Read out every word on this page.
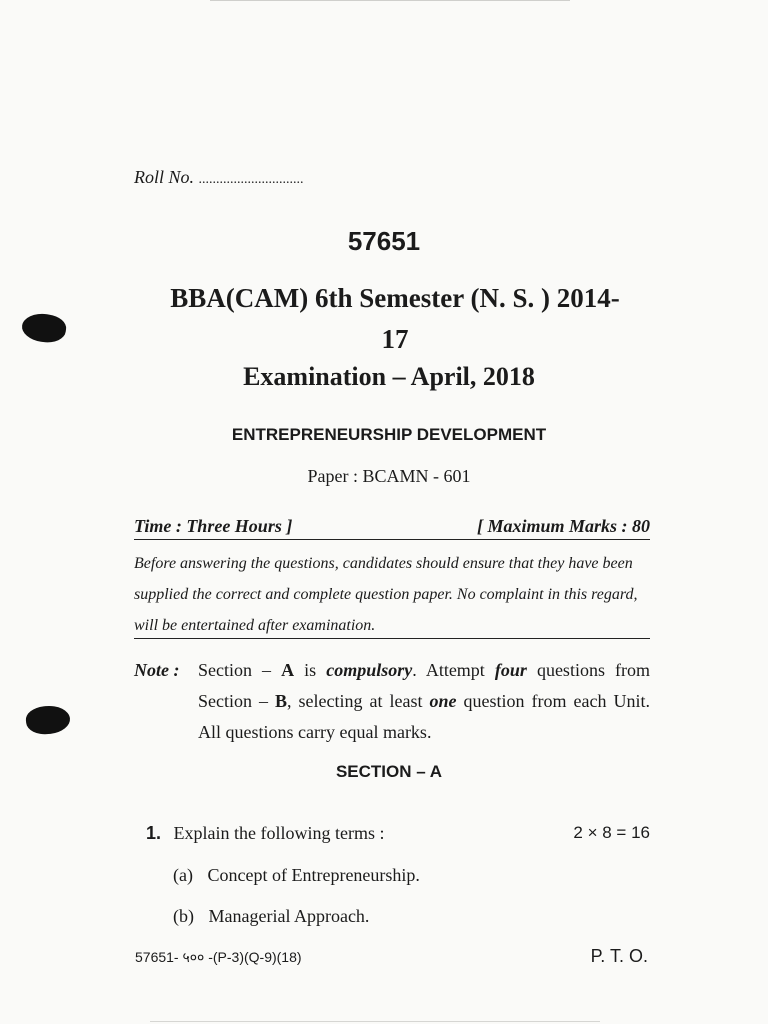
Roll No. ..............................
57651
BBA(CAM) 6th Semester (N. S. ) 2014-
17
Examination – April, 2018
ENTREPRENEURSHIP DEVELOPMENT
Paper : BCAMN - 601
Time : Three Hours ]	[ Maximum Marks : 80
Before answering the questions, candidates should ensure that they have been supplied the correct and complete question paper. No complaint in this regard, will be entertained after examination.
Note : Section – A is compulsory. Attempt four questions from Section – B, selecting at least one question from each Unit. All questions carry equal marks.
SECTION – A
1. Explain the following terms :	2 × 8 = 16
(a) Concept of Entrepreneurship.
(b) Managerial Approach.
57651- ५०० -(P-3)(Q-9)(18)	P. T. O.
